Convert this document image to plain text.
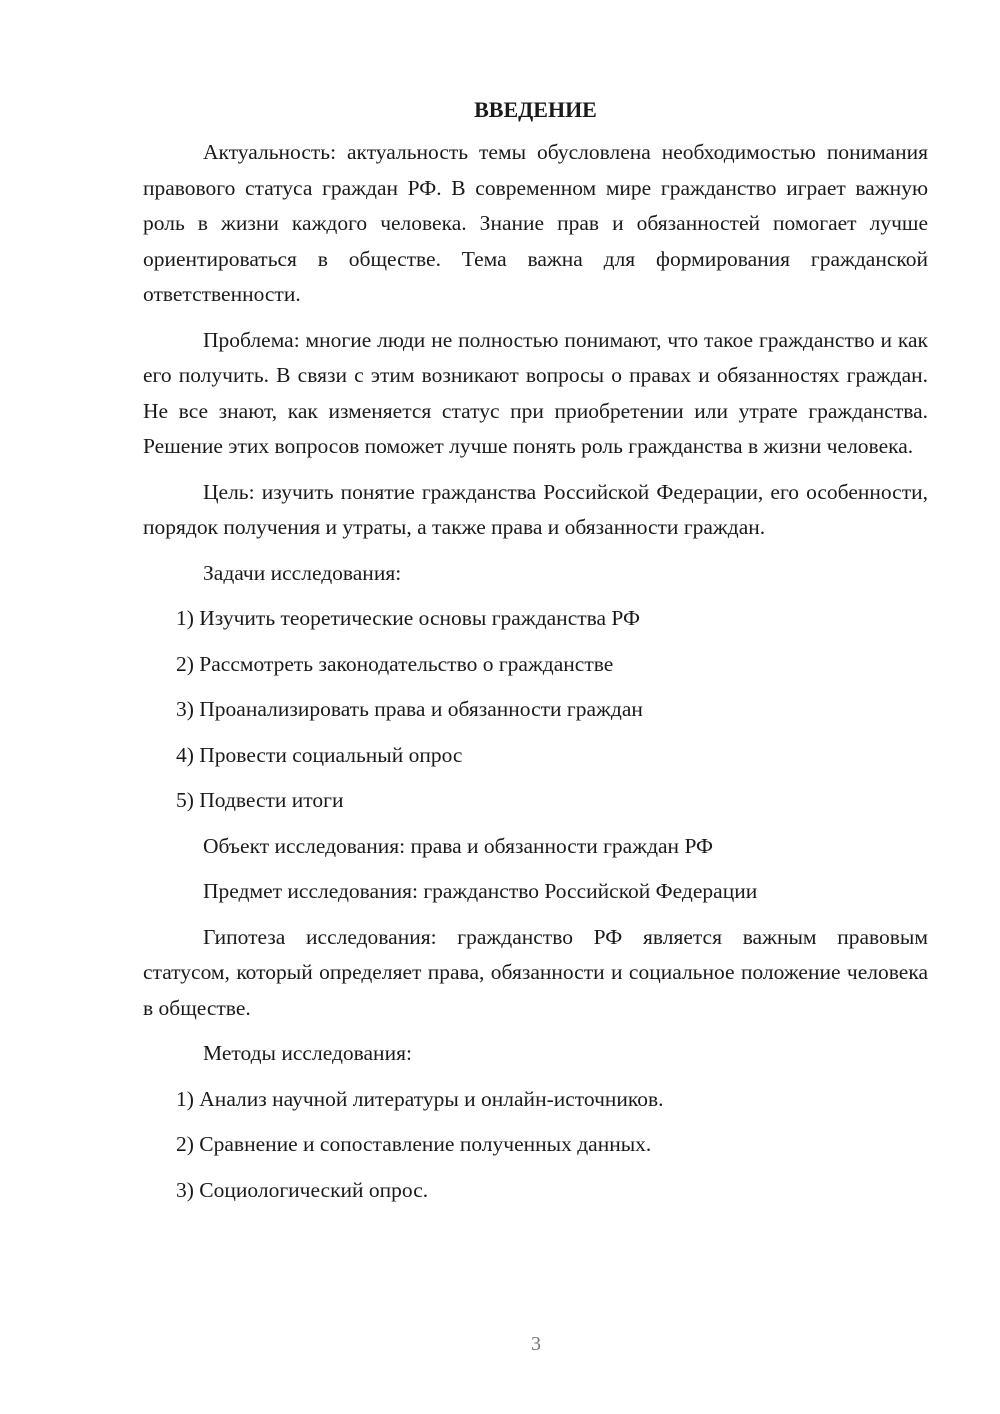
ВВЕДЕНИЕ

Актуальность: актуальность темы обусловлена необходимостью понимания правового статуса граждан РФ. В современном мире гражданство играет важную роль в жизни каждого человека. Знание прав и обязанностей помогает лучше ориентироваться в обществе. Тема важна для формирования гражданской ответственности.

Проблема: многие люди не полностью понимают, что такое гражданство и как его получить. В связи с этим возникают вопросы о правах и обязанностях граждан. Не все знают, как изменяется статус при приобретении или утрате гражданства. Решение этих вопросов поможет лучше понять роль гражданства в жизни человека.

Цель: изучить понятие гражданства Российской Федерации, его особенности, порядок получения и утраты, а также права и обязанности граждан.

Задачи исследования:
1) Изучить теоретические основы гражданства РФ
2) Рассмотреть законодательство о гражданстве
3) Проанализировать права и обязанности граждан
4) Провести социальный опрос
5) Подвести итоги
Объект исследования: права и обязанности граждан РФ
Предмет исследования: гражданство Российской Федерации

Гипотеза исследования: гражданство РФ является важным правовым статусом, который определяет права, обязанности и социальное положение человека в обществе.

Методы исследования:
1) Анализ научной литературы и онлайн-источников.
2) Сравнение и сопоставление полученных данных.
3) Социологический опрос.
3
